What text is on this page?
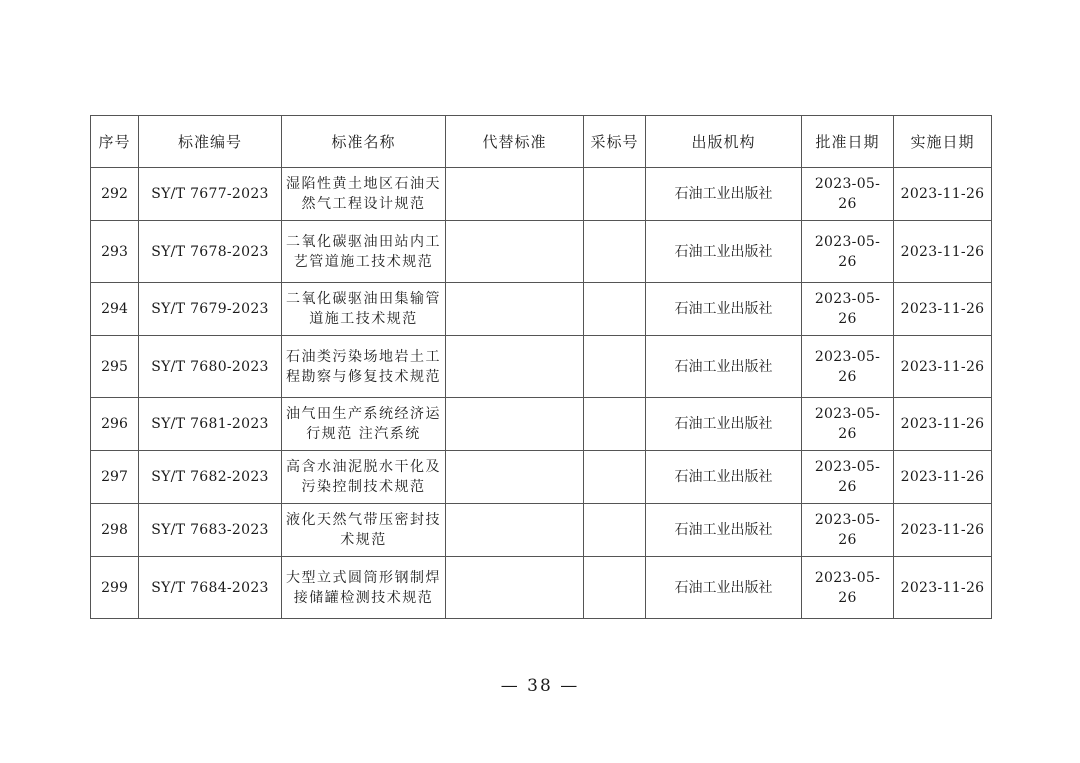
序号	标准编号	标准名称	代替标准	采标号	出版机构	批准日期	实施日期
292	SY/T 7677-2023	湿陷性黄土地区石油天然气工程设计规范			石油工业出版社	2023-05-26	2023-11-26
293	SY/T 7678-2023	二氧化碳驱油田站内工艺管道施工技术规范			石油工业出版社	2023-05-26	2023-11-26
294	SY/T 7679-2023	二氧化碳驱油田集输管道施工技术规范			石油工业出版社	2023-05-26	2023-11-26
295	SY/T 7680-2023	石油类污染场地岩土工程勘察与修复技术规范			石油工业出版社	2023-05-26	2023-11-26
296	SY/T 7681-2023	油气田生产系统经济运行规范 注汽系统			石油工业出版社	2023-05-26	2023-11-26
297	SY/T 7682-2023	高含水油泥脱水干化及污染控制技术规范			石油工业出版社	2023-05-26	2023-11-26
298	SY/T 7683-2023	液化天然气带压密封技术规范			石油工业出版社	2023-05-26	2023-11-26
299	SY/T 7684-2023	大型立式圆筒形钢制焊接储罐检测技术规范			石油工业出版社	2023-05-26	2023-11-26
— 38 —
